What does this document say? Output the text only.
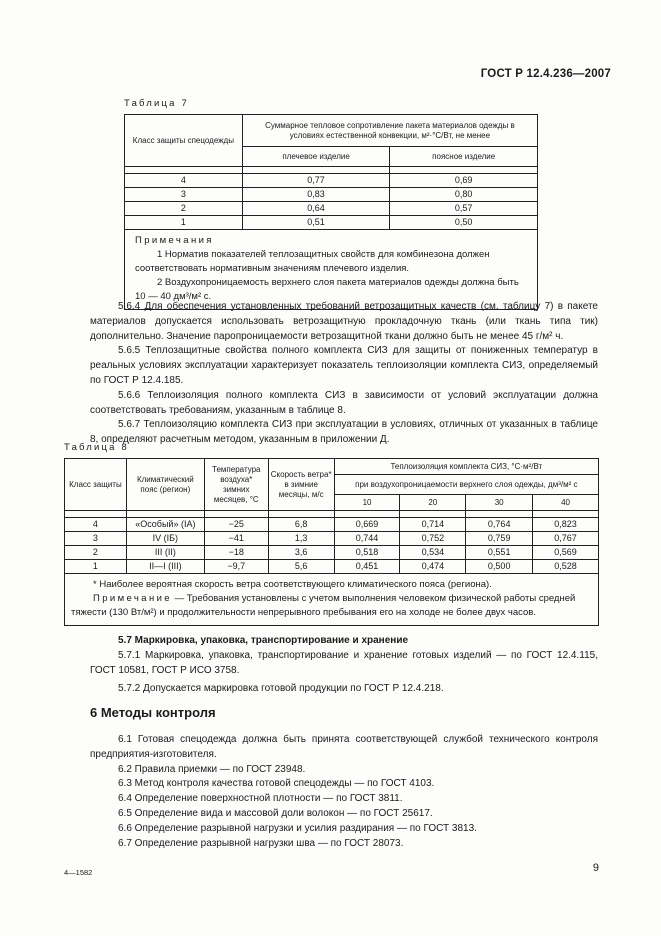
ГОСТ Р 12.4.236—2007
Таблица 7
Класс защиты спецодежды	Суммарное тепловое сопротивление пакета материалов одежды в условиях естественной конвекции, м²·°С/Вт, не менее	
	плечевое изделие	поясное изделие

4	0,77	0,69
3	0,83	0,80
2	0,64	0,57
1	0,51	0,50

Примечания
1 Норматив показателей теплозащитных свойств для комбинезона должен соответствовать нормативным значениям плечевого изделия.
2 Воздухопроницаемость верхнего слоя пакета материалов одежды должна быть 10 — 40 дм³/м² с.		
5.6.4 Для обеспечения установленных требований ветрозащитных качеств (см. таблицу 7) в пакете материалов допускается использовать ветрозащитную прокладочную ткань (или ткань типа тик) дополнительно. Значение паропроницаемости ветрозащитной ткани должно быть не менее 45 г/м² ч.
5.6.5 Теплозащитные свойства полного комплекта СИЗ для защиты от пониженных температур в реальных условиях эксплуатации характеризует показатель теплоизоляции комплекта СИЗ, определяемый по ГОСТ Р 12.4.185.
5.6.6 Теплоизоляция полного комплекта СИЗ в зависимости от условий эксплуатации должна соответствовать требованиям, указанным в таблице 8.
5.6.7 Теплоизоляцию комплекта СИЗ при эксплуатации в условиях, отличных от указанных в таблице 8, определяют расчетным методом, указанным в приложении Д.
Таблица 8
Класс защиты	Климатический пояс (регион)	Температура воздуха* зимних месяцев, °С	Скорость ветра* в зимние месяцы, м/с	Теплоизоляция комплекта СИЗ, °С·м²/Вт			
				при воздухопроницаемости верхнего слоя одежды, дм³/м² с			
				10	20	30	40

4	«Особый» (IA)	−25	6,8	0,669	0,714	0,764	0,823
3	IV (IБ)	−41	1,3	0,744	0,752	0,759	0,767
2	III (II)	−18	3,6	0,518	0,534	0,551	0,569
1	II—I (III)	−9,7	5,6	0,451	0,474	0,500	0,528

* Наиболее вероятная скорость ветра соответствующего климатического пояса (региона).
Примечание — Требования установлены с учетом выполнения человеком физической работы средней тяжести (130 Вт/м²) и продолжительности непрерывного пребывания его на холоде не более двух часов.							
5.7 Маркировка, упаковка, транспортирование и хранение
5.7.1 Маркировка, упаковка, транспортирование и хранение готовых изделий — по ГОСТ 12.4.115, ГОСТ 10581, ГОСТ Р ИСО 3758.
5.7.2 Допускается маркировка готовой продукции по ГОСТ Р 12.4.218.
6 Методы контроля
6.1 Готовая спецодежда должна быть принята соответствующей службой технического контроля предприятия-изготовителя.
6.2 Правила приемки — по ГОСТ 23948.
6.3 Метод контроля качества готовой спецодежды — по ГОСТ 4103.
6.4 Определение поверхностной плотности — по ГОСТ 3811.
6.5 Определение вида и массовой доли волокон — по ГОСТ 25617.
6.6 Определение разрывной нагрузки и усилия раздирания — по ГОСТ 3813.
6.7 Определение разрывной нагрузки шва — по ГОСТ 28073.
4—1582	9
